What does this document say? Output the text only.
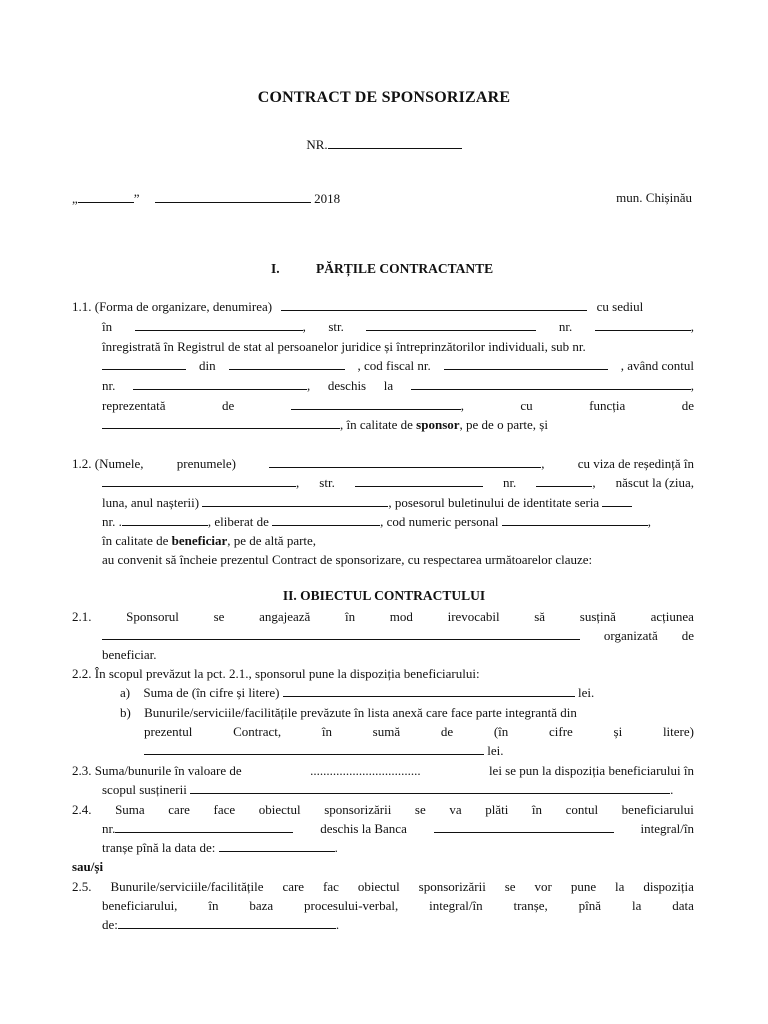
CONTRACT DE SPONSORIZARE
NR.
„	”	2018	mun. Chișinău
I.	PĂRȚILE CONTRACTANTE
1.1. (Forma de organizare, denumirea)	cu sediul
în	, str.	nr.	,
înregistrată în Registrul de stat al persoanelor juridice și întreprinzătorilor individuali, sub nr.
din	, cod fiscal nr.	, având contul
nr.	, deschis la	,
reprezentată	de	,	cu	funcția	de
, în calitate de sponsor, pe de o parte, și
1.2. (Numele,	prenumele)	,	cu viza de reședință în
, str.	nr.	, născut la (ziua,
luna, anul nașterii)	, posesorul buletinului de identitate seria
nr. .	, eliberat de	, cod numeric personal	,
în calitate de beneficiar, pe de altă parte,
au convenit să încheie prezentul Contract de sponsorizare, cu respectarea următoarelor clauze:
II. OBIECTUL CONTRACTULUI
2.1.	Sponsorul	se	angajează	în	mod	irevocabil	să	susțină	acțiunea
organizată de
beneficiar.
2.2. În scopul prevăzut la pct. 2.1., sponsorul pune la dispoziția beneficiarului:
a) Suma de (în cifre și litere)	lei.
b) Bunurile/serviciile/facilitățile prevăzute în lista anexă care face parte integrantă din
prezentul	Contract,	în	sumă	de	(în	cifre	și	litere)
lei.
2.3. Suma/bunurile în valoare de	..................................	lei se pun la dispoziția beneficiarului în
scopul susținerii	.
2.4. Suma care face obiectul sponsorizării se va plăti în contul beneficiarului
nr.	deschis la Banca	integral/în
tranșe pînă la data de:	.
sau/și
2.5. Bunurile/serviciile/facilitățile care fac obiectul sponsorizării se vor pune la dispoziția
beneficiarului, în baza procesului-verbal, integral/în tranșe, pînă la data
de:	.
